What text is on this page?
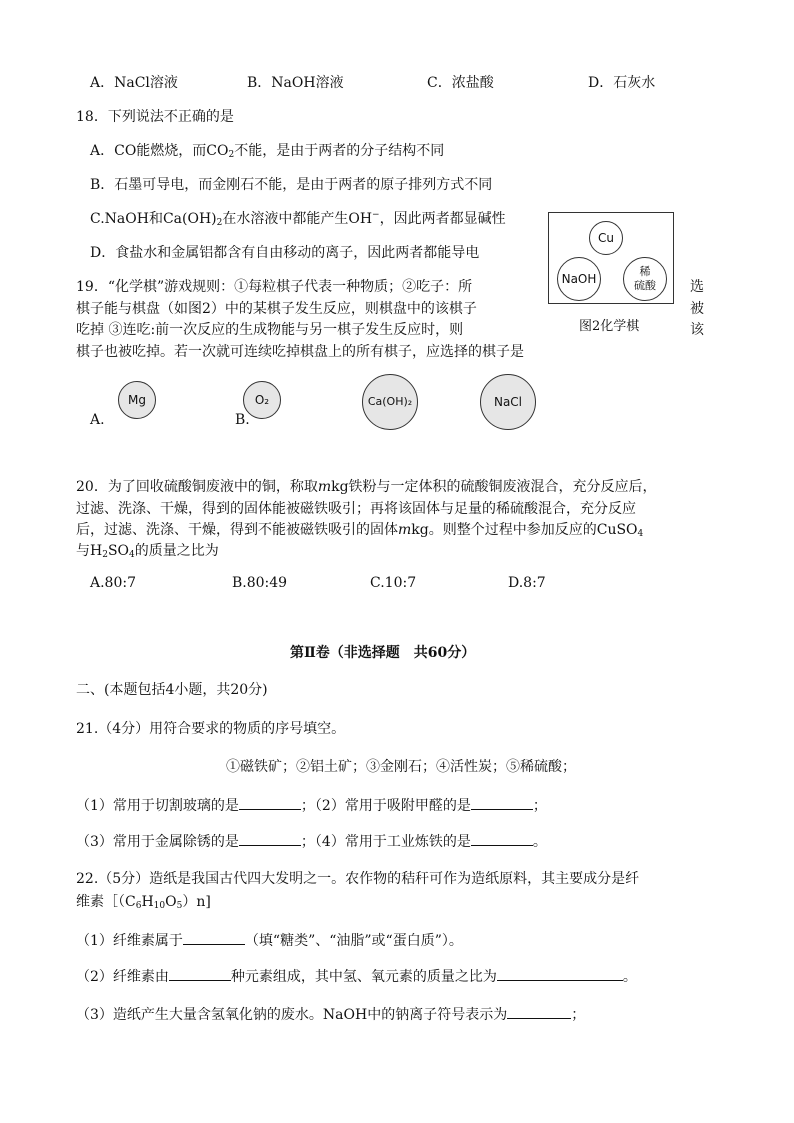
A．NaCl溶液	B．NaOH溶液	C．浓盐酸	D．石灰水
18．下列说法不正确的是
A．CO能燃烧，而$CO_2$不能，是由于两者的分子结构不同
B．石墨可导电，而金刚石不能，是由于两者的原子排列方式不同
C.NaOH和$Ca(OH)_2$在水溶液中都能产生OH−，因此两者都显碱性
D．食盐水和金属铝都含有自由移动的离子，因此两者都能导电
Cu
NaOH
稀
硫酸
图2化学棋
19．“化学棋”游戏规则：①每粒棋子代表一种物质；②吃子：所	选
棋子能与棋盘（如图2）中的某棋子发生反应，则棋盘中的该棋子	被
吃掉 ③连吃:前一次反应的生成物能与另一棋子发生反应时，则	该
棋子也被吃掉。若一次就可连续吃掉棋盘上的所有棋子，应选择的棋子是
Mg	O₂	Ca(OH)₂	NaCl
A.	B.
20．为了回收硫酸铜废液中的铜，称取mkg铁粉与一定体积的硫酸铜废液混合，充分反应后，
过滤、洗涤、干燥，得到的固体能被磁铁吸引；再将该固体与足量的稀硫酸混合，充分反应
后，过滤、洗涤、干燥，得到不能被磁铁吸引的固体mkg。则整个过程中参加反应的CuSO$_4$
与$H_2SO_4$的质量之比为
A.80:7	B.80:49	C.10:7	D.8:7
第Ⅱ卷（非选择题　共60分）
二、(本题包括4小题，共20分)
21.（4分）用符合要求的物质的序号填空。
①磁铁矿；②铝土矿；③金刚石；④活性炭；⑤稀硫酸；
（1）常用于切割玻璃的是	；（2）常用于吸附甲醛的是	；
（3）常用于金属除锈的是	；（4）常用于工业炼铁的是	。
22.（5分）造纸是我国古代四大发明之一。农作物的秸秆可作为造纸原料，其主要成分是纤
维素$[(C_6H_{10}O_5)n$]
（1）纤维素属于	（填“糖类”、“油脂”或“蛋白质”）。
（2）纤维素由	种元素组成，其中氢、氧元素的质量之比为	。
（3）造纸产生大量含氢氧化钠的废水。NaOH中的钠离子符号表示为	；
